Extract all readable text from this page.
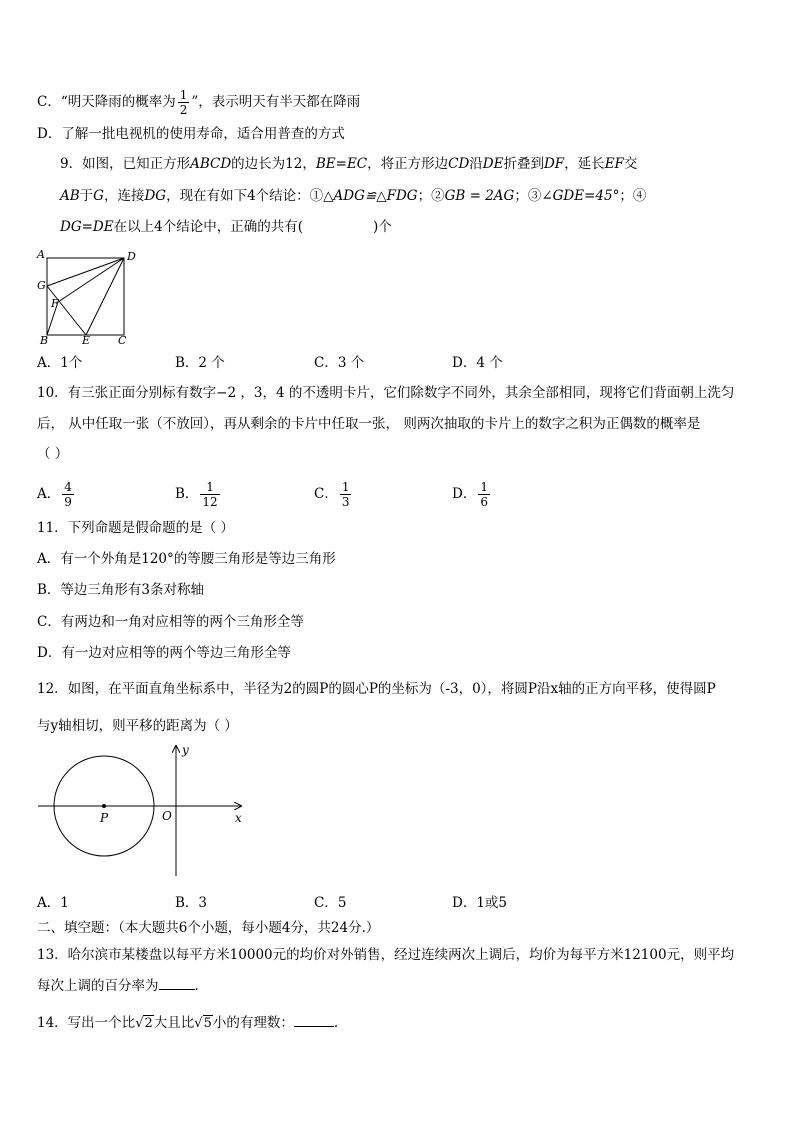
C．“明天降雨的概率为 $\frac{1}{2}$ ”，表示明天有半天都在降雨
D．了解一批电视机的使用寿命，适合用普查的方式
9．如图，已知正方形ABCD的边长为12，BE=EC，将正方形边CD沿DE折叠到DF，延长EF交
AB于G，连接DG，现在有如下4个结论：①△ADG≌△FDG；②GB = 2AG；③∠GDE=45°；④
DG=DE在以上4个结论中，正确的共有(	)个
A	D
G
F
B	E	C
A．1个	B．2 个	C．3 个	D．4 个
10．有三张正面分别标有数字−2 ，3，4 的不透明卡片，它们除数字不同外，其余全部相同，现将它们背面朝上洗匀
后， 从中任取一张（不放回），再从剩余的卡片中任取一张， 则两次抽取的卡片上的数字之积为正偶数的概率是
（ ）
A． $\frac{4}{9}$	B． $\frac{1}{12}$	C． $\frac{1}{3}$	D． $\frac{1}{6}$
11．下列命题是假命题的是（ ）
A．有一个外角是120°的等腰三角形是等边三角形
B．等边三角形有3条对称轴
C．有两边和一角对应相等的两个三角形全等
D．有一边对应相等的两个等边三角形全等
12．如图，在平面直角坐标系中，半径为2的圆P的圆心P的坐标为（-3，0），将圆P沿x轴的正方向平移，使得圆P
与y轴相切，则平移的距离为（ ）
y
x
O
P
A．1	B．3	C．5	D．1或5
二、填空题：（本大题共6个小题，每小题4分，共24分.）
13．哈尔滨市某楼盘以每平方米10000元的均价对外销售，经过连续两次上调后，均价为每平方米12100元，则平均
每次上调的百分率为	.
14．写出一个比√2大且比√5小的有理数：	.
